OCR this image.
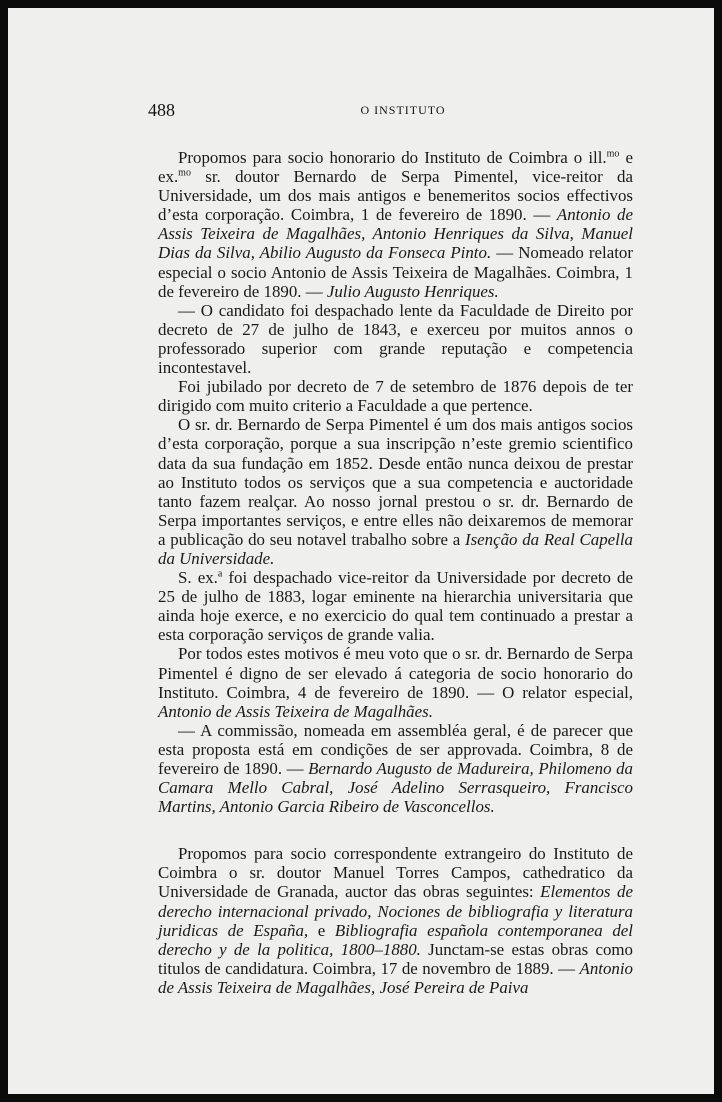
488	O INSTITUTO

Propomos para socio honorario do Instituto de Coimbra o ill.$^{mo}$ e ex.$^{mo}$ sr. doutor Bernardo de Serpa Pimentel, vice-reitor da Universidade, um dos mais antigos e benemeritos socios effectivos d’esta corporação. Coimbra, 1 de fevereiro de 1890. — Antonio de Assis Teixeira de Magalhães, Antonio Henriques da Silva, Manuel Dias da Silva, Abilio Augusto da Fonseca Pinto. — Nomeado relator especial o socio Antonio de Assis Teixeira de Magalhães. Coimbra, 1 de fevereiro de 1890. — Julio Augusto Henriques.

— O candidato foi despachado lente da Faculdade de Direito por decreto de 27 de julho de 1843, e exerceu por muitos annos o professorado superior com grande reputação e competencia incontestavel.

Foi jubilado por decreto de 7 de setembro de 1876 depois de ter dirigido com muito criterio a Faculdade a que pertence.

O sr. dr. Bernardo de Serpa Pimentel é um dos mais antigos socios d’esta corporação, porque a sua inscripção n’este gremio scientifico data da sua fundação em 1852. Desde então nunca deixou de prestar ao Instituto todos os serviços que a sua competencia e auctoridade tanto fazem realçar. Ao nosso jornal prestou o sr. dr. Bernardo de Serpa importantes serviços, e entre elles não deixaremos de memorar a publicação do seu notavel trabalho sobre a Isenção da Real Capella da Universidade.

S. ex.$^a$ foi despachado vice-reitor da Universidade por decreto de 25 de julho de 1883, logar eminente na hierarchia universitaria que ainda hoje exerce, e no exercicio do qual tem continuado a prestar a esta corporação serviços de grande valia.

Por todos estes motivos é meu voto que o sr. dr. Bernardo de Serpa Pimentel é digno de ser elevado á categoria de socio honorario do Instituto. Coimbra, 4 de fevereiro de 1890. — O relator especial, Antonio de Assis Teixeira de Magalhães.

— A commissão, nomeada em assembléa geral, é de parecer que esta proposta está em condições de ser approvada. Coimbra, 8 de fevereiro de 1890. — Bernardo Augusto de Madureira, Philomeno da Camara Mello Cabral, José Adelino Serrasqueiro, Francisco Martins, Antonio Garcia Ribeiro de Vasconcellos.

Propomos para socio correspondente extrangeiro do Instituto de Coimbra o sr. doutor Manuel Torres Campos, cathedratico da Universidade de Granada, auctor das obras seguintes: Elementos de derecho internacional privado, Nociones de bibliografia y literatura juridicas de España, e Bibliografia española contemporanea del derecho y de la politica, 1800–1880. Junctam-se estas obras como titulos de candidatura. Coimbra, 17 de novembro de 1889. — Antonio de Assis Teixeira de Magalhães, José Pereira de Paiva
